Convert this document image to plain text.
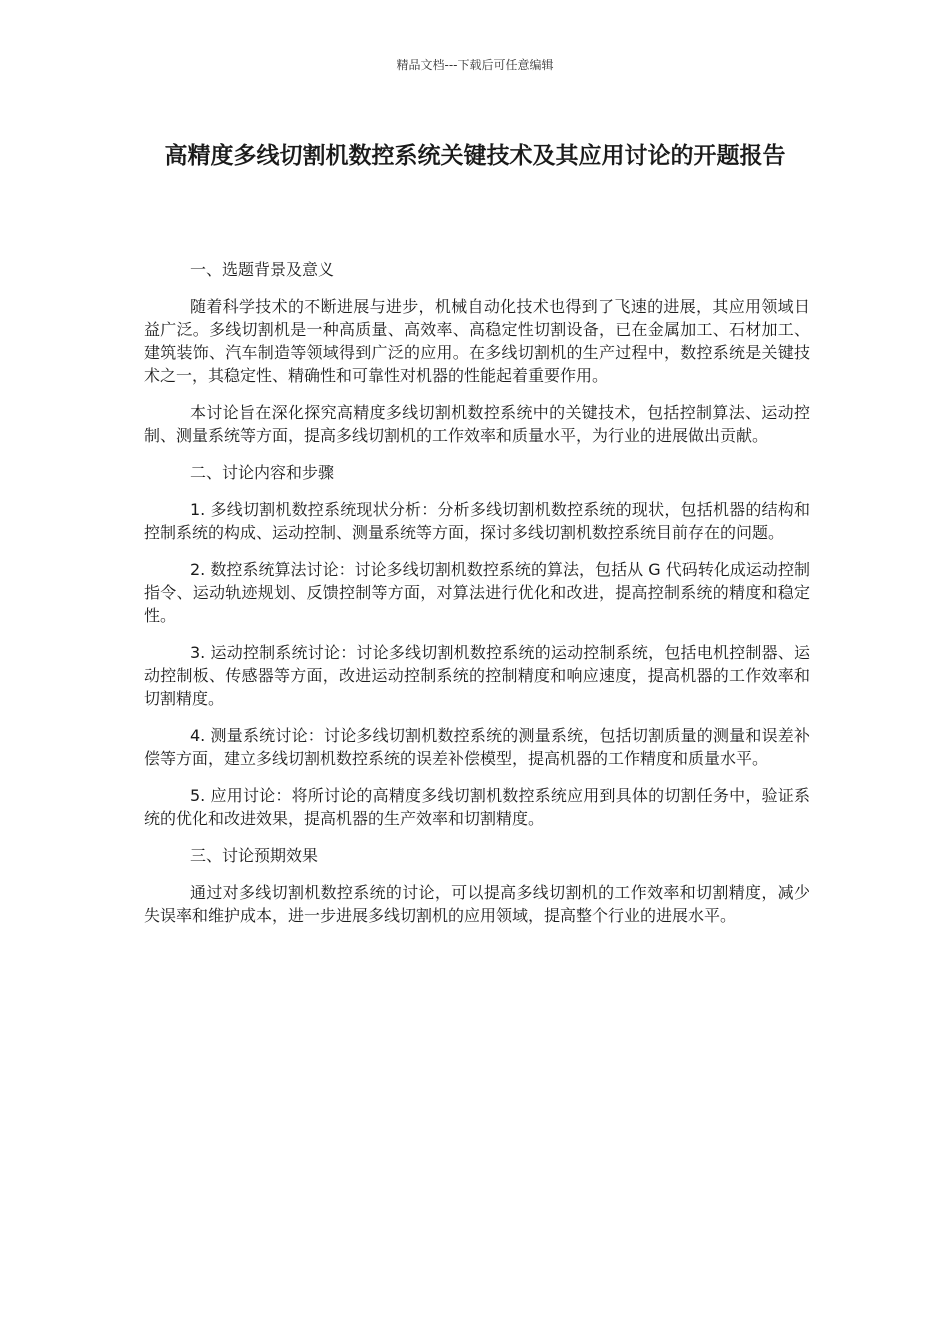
精品文档---下载后可任意编辑
高精度多线切割机数控系统关键技术及其应用讨论的开题报告

一、选题背景及意义

随着科学技术的不断进展与进步，机械自动化技术也得到了飞速的进展，其应用领域日益广泛。多线切割机是一种高质量、高效率、高稳定性切割设备，已在金属加工、石材加工、建筑装饰、汽车制造等领域得到广泛的应用。在多线切割机的生产过程中，数控系统是关键技术之一，其稳定性、精确性和可靠性对机器的性能起着重要作用。

本讨论旨在深化探究高精度多线切割机数控系统中的关键技术，包括控制算法、运动控制、测量系统等方面，提高多线切割机的工作效率和质量水平，为行业的进展做出贡献。

二、讨论内容和步骤

1. 多线切割机数控系统现状分析：分析多线切割机数控系统的现状，包括机器的结构和控制系统的构成、运动控制、测量系统等方面，探讨多线切割机数控系统目前存在的问题。

2. 数控系统算法讨论：讨论多线切割机数控系统的算法，包括从 G 代码转化成运动控制指令、运动轨迹规划、反馈控制等方面，对算法进行优化和改进，提高控制系统的精度和稳定性。

3. 运动控制系统讨论：讨论多线切割机数控系统的运动控制系统，包括电机控制器、运动控制板、传感器等方面，改进运动控制系统的控制精度和响应速度，提高机器的工作效率和切割精度。

4. 测量系统讨论：讨论多线切割机数控系统的测量系统，包括切割质量的测量和误差补偿等方面，建立多线切割机数控系统的误差补偿模型，提高机器的工作精度和质量水平。

5. 应用讨论：将所讨论的高精度多线切割机数控系统应用到具体的切割任务中，验证系统的优化和改进效果，提高机器的生产效率和切割精度。

三、讨论预期效果

通过对多线切割机数控系统的讨论，可以提高多线切割机的工作效率和切割精度，减少失误率和维护成本，进一步进展多线切割机的应用领域，提高整个行业的进展水平。
